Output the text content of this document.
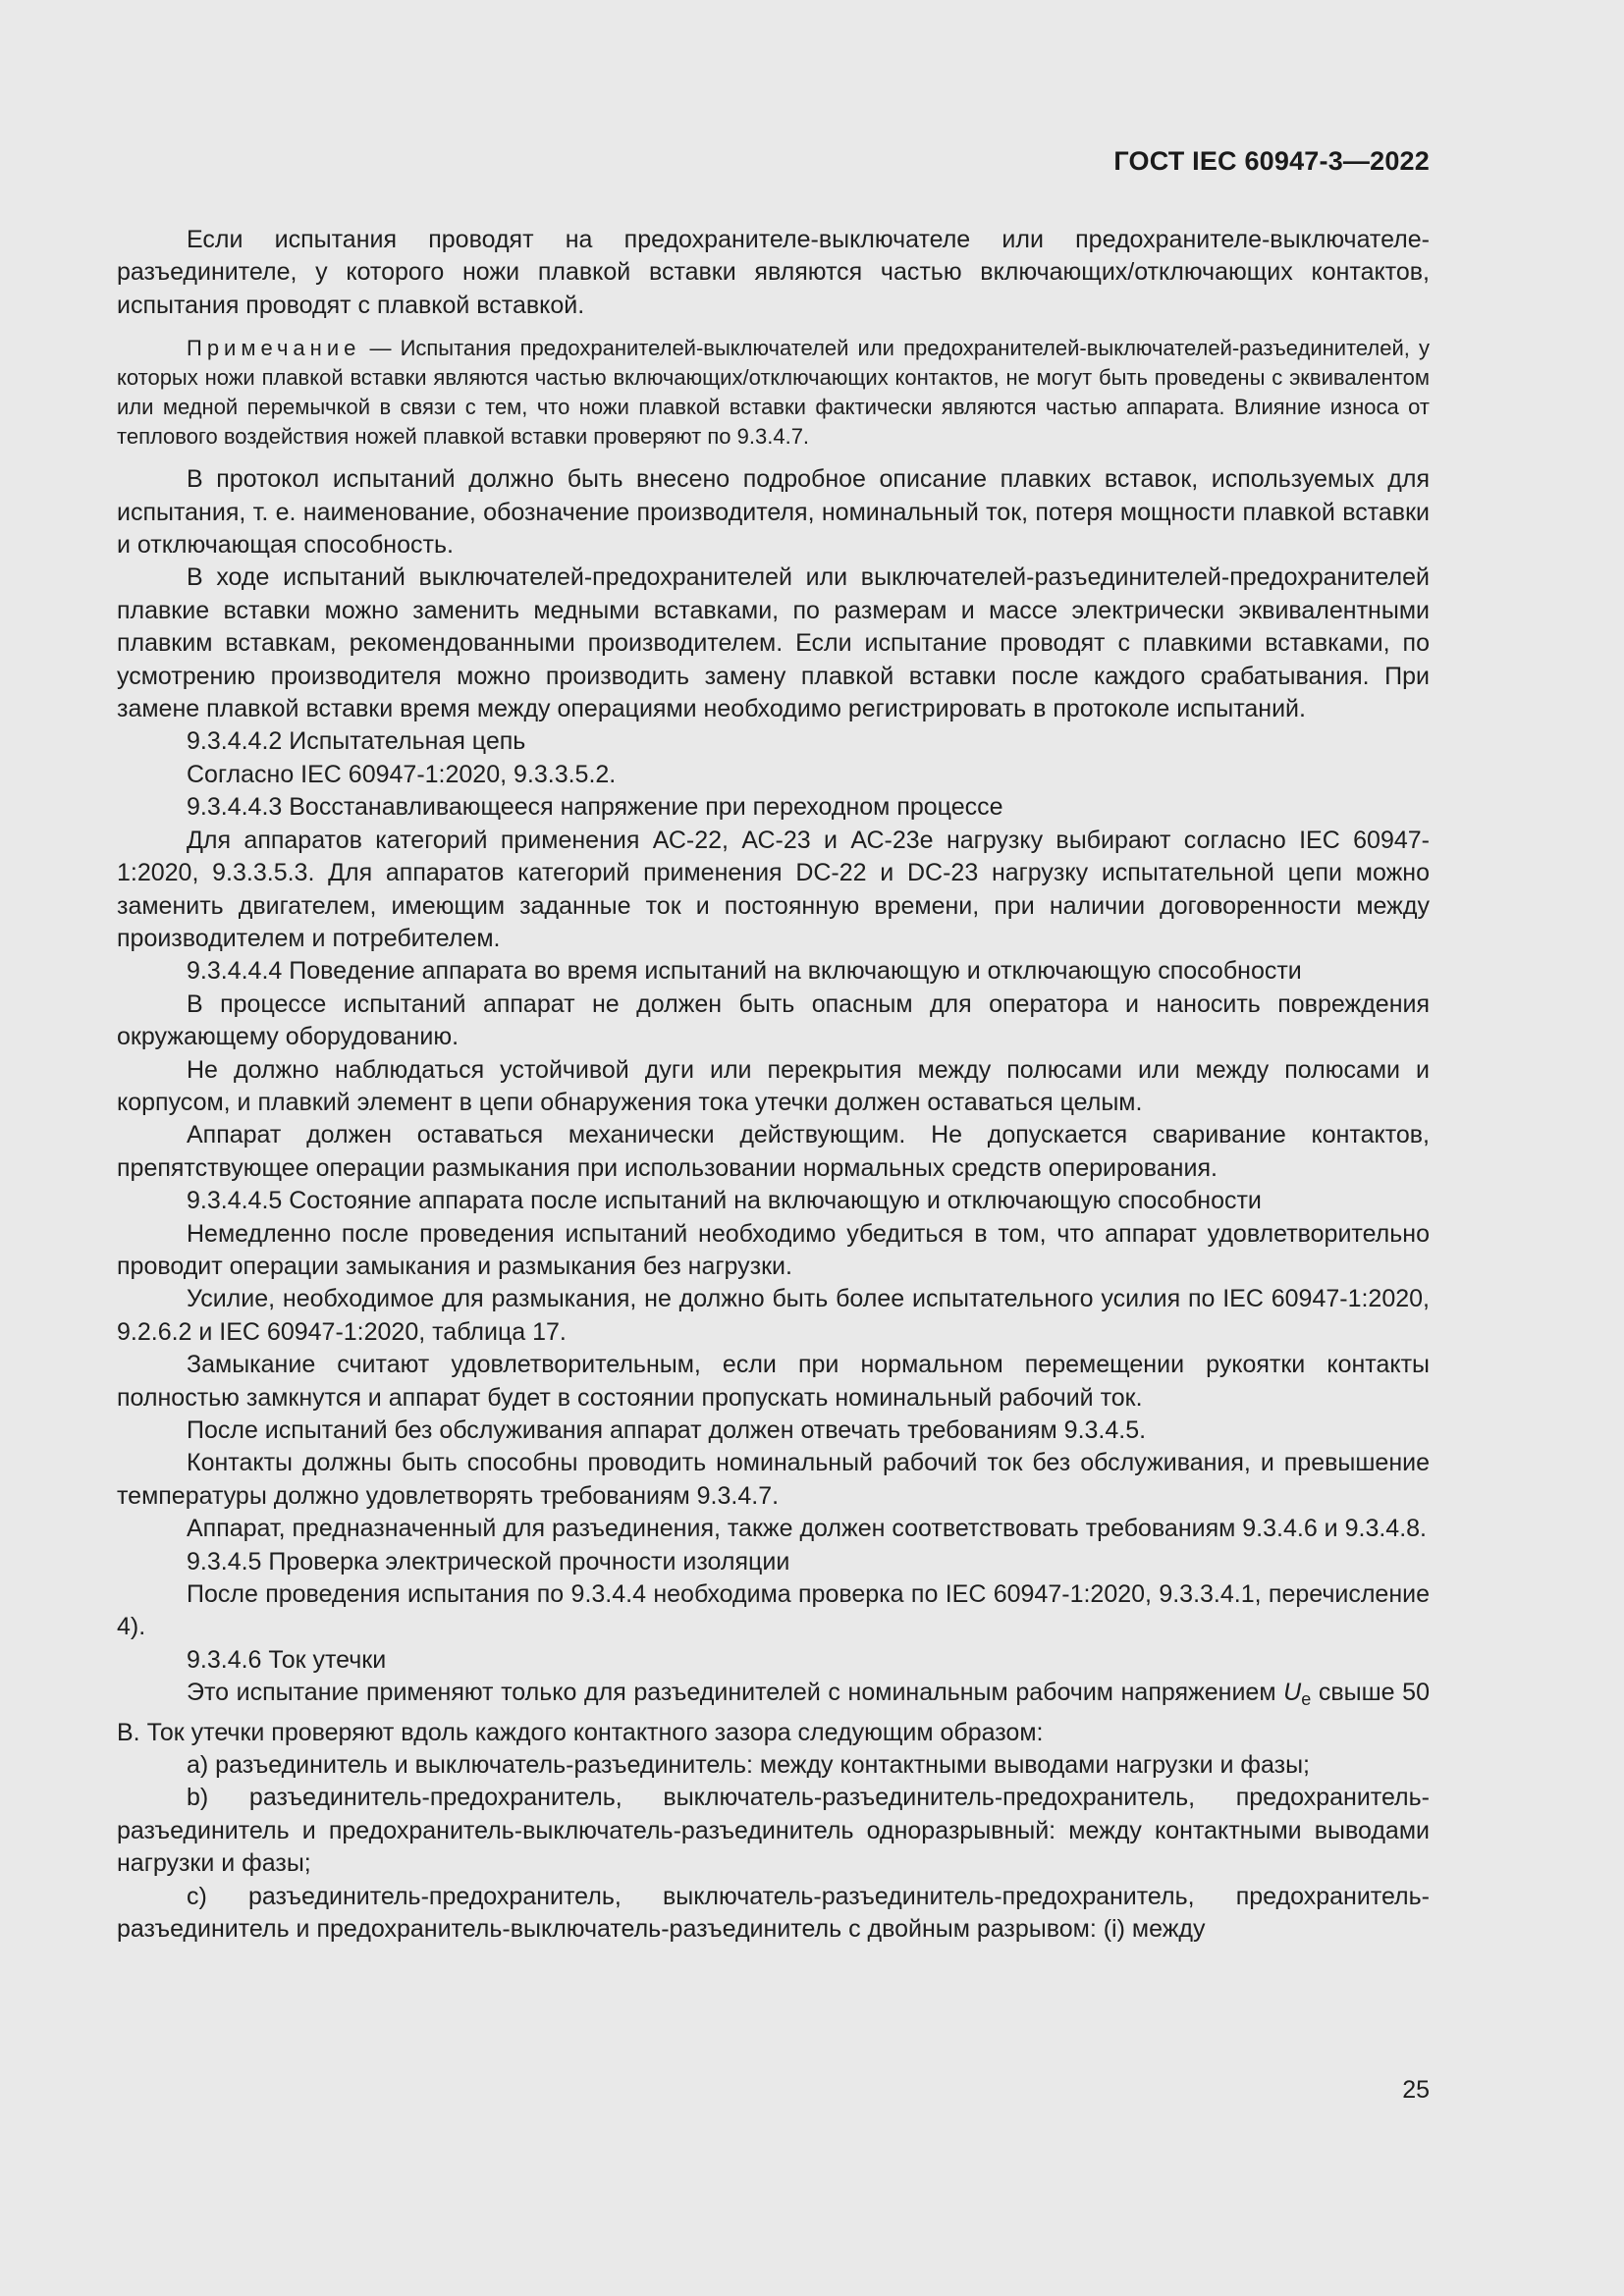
ГОСТ IEC 60947-3—2022

Если испытания проводят на предохранителе-выключателе или предохранителе-выключателе-разъединителе, у которого ножи плавкой вставки являются частью включающих/отключающих контактов, испытания проводят с плавкой вставкой.

Примечание — Испытания предохранителей-выключателей или предохранителей-выключателей-разъединителей, у которых ножи плавкой вставки являются частью включающих/отключающих контактов, не могут быть проведены с эквивалентом или медной перемычкой в связи с тем, что ножи плавкой вставки фактически являются частью аппарата. Влияние износа от теплового воздействия ножей плавкой вставки проверяют по 9.3.4.7.

В протокол испытаний должно быть внесено подробное описание плавких вставок, используемых для испытания, т. е. наименование, обозначение производителя, номинальный ток, потеря мощности плавкой вставки и отключающая способность.

В ходе испытаний выключателей-предохранителей или выключателей-разъединителей-предохранителей плавкие вставки можно заменить медными вставками, по размерам и массе электрически эквивалентными плавким вставкам, рекомендованными производителем. Если испытание проводят с плавкими вставками, по усмотрению производителя можно производить замену плавкой вставки после каждого срабатывания. При замене плавкой вставки время между операциями необходимо регистрировать в протоколе испытаний.

9.3.4.4.2 Испытательная цепь

Согласно IEC 60947-1:2020, 9.3.3.5.2.

9.3.4.4.3 Восстанавливающееся напряжение при переходном процессе

Для аппаратов категорий применения АС-22, АС-23 и АС-23е нагрузку выбирают согласно IEC 60947-1:2020, 9.3.3.5.3. Для аппаратов категорий применения DC-22 и DC-23 нагрузку испытательной цепи можно заменить двигателем, имеющим заданные ток и постоянную времени, при наличии договоренности между производителем и потребителем.

9.3.4.4.4 Поведение аппарата во время испытаний на включающую и отключающую способности

В процессе испытаний аппарат не должен быть опасным для оператора и наносить повреждения окружающему оборудованию.

Не должно наблюдаться устойчивой дуги или перекрытия между полюсами или между полюсами и корпусом, и плавкий элемент в цепи обнаружения тока утечки должен оставаться целым.

Аппарат должен оставаться механически действующим. Не допускается сваривание контактов, препятствующее операции размыкания при использовании нормальных средств оперирования.

9.3.4.4.5 Состояние аппарата после испытаний на включающую и отключающую способности

Немедленно после проведения испытаний необходимо убедиться в том, что аппарат удовлетворительно проводит операции замыкания и размыкания без нагрузки.

Усилие, необходимое для размыкания, не должно быть более испытательного усилия по IEC 60947-1:2020, 9.2.6.2 и IEC 60947-1:2020, таблица 17.

Замыкание считают удовлетворительным, если при нормальном перемещении рукоятки контакты полностью замкнутся и аппарат будет в состоянии пропускать номинальный рабочий ток.

После испытаний без обслуживания аппарат должен отвечать требованиям 9.3.4.5.

Контакты должны быть способны проводить номинальный рабочий ток без обслуживания, и превышение температуры должно удовлетворять требованиям 9.3.4.7.

Аппарат, предназначенный для разъединения, также должен соответствовать требованиям 9.3.4.6 и 9.3.4.8.

9.3.4.5 Проверка электрической прочности изоляции

После проведения испытания по 9.3.4.4 необходима проверка по IEC 60947-1:2020, 9.3.3.4.1, перечисление 4).

9.3.4.6 Ток утечки

Это испытание применяют только для разъединителей с номинальным рабочим напряжением $U_e$ свыше 50 В. Ток утечки проверяют вдоль каждого контактного зазора следующим образом:

a) разъединитель и выключатель-разъединитель: между контактными выводами нагрузки и фазы;

b) разъединитель-предохранитель, выключатель-разъединитель-предохранитель, предохранитель-разъединитель и предохранитель-выключатель-разъединитель одноразрывный: между контактными выводами нагрузки и фазы;

c) разъединитель-предохранитель, выключатель-разъединитель-предохранитель, предохранитель-разъединитель и предохранитель-выключатель-разъединитель с двойным разрывом: (i) между

25
